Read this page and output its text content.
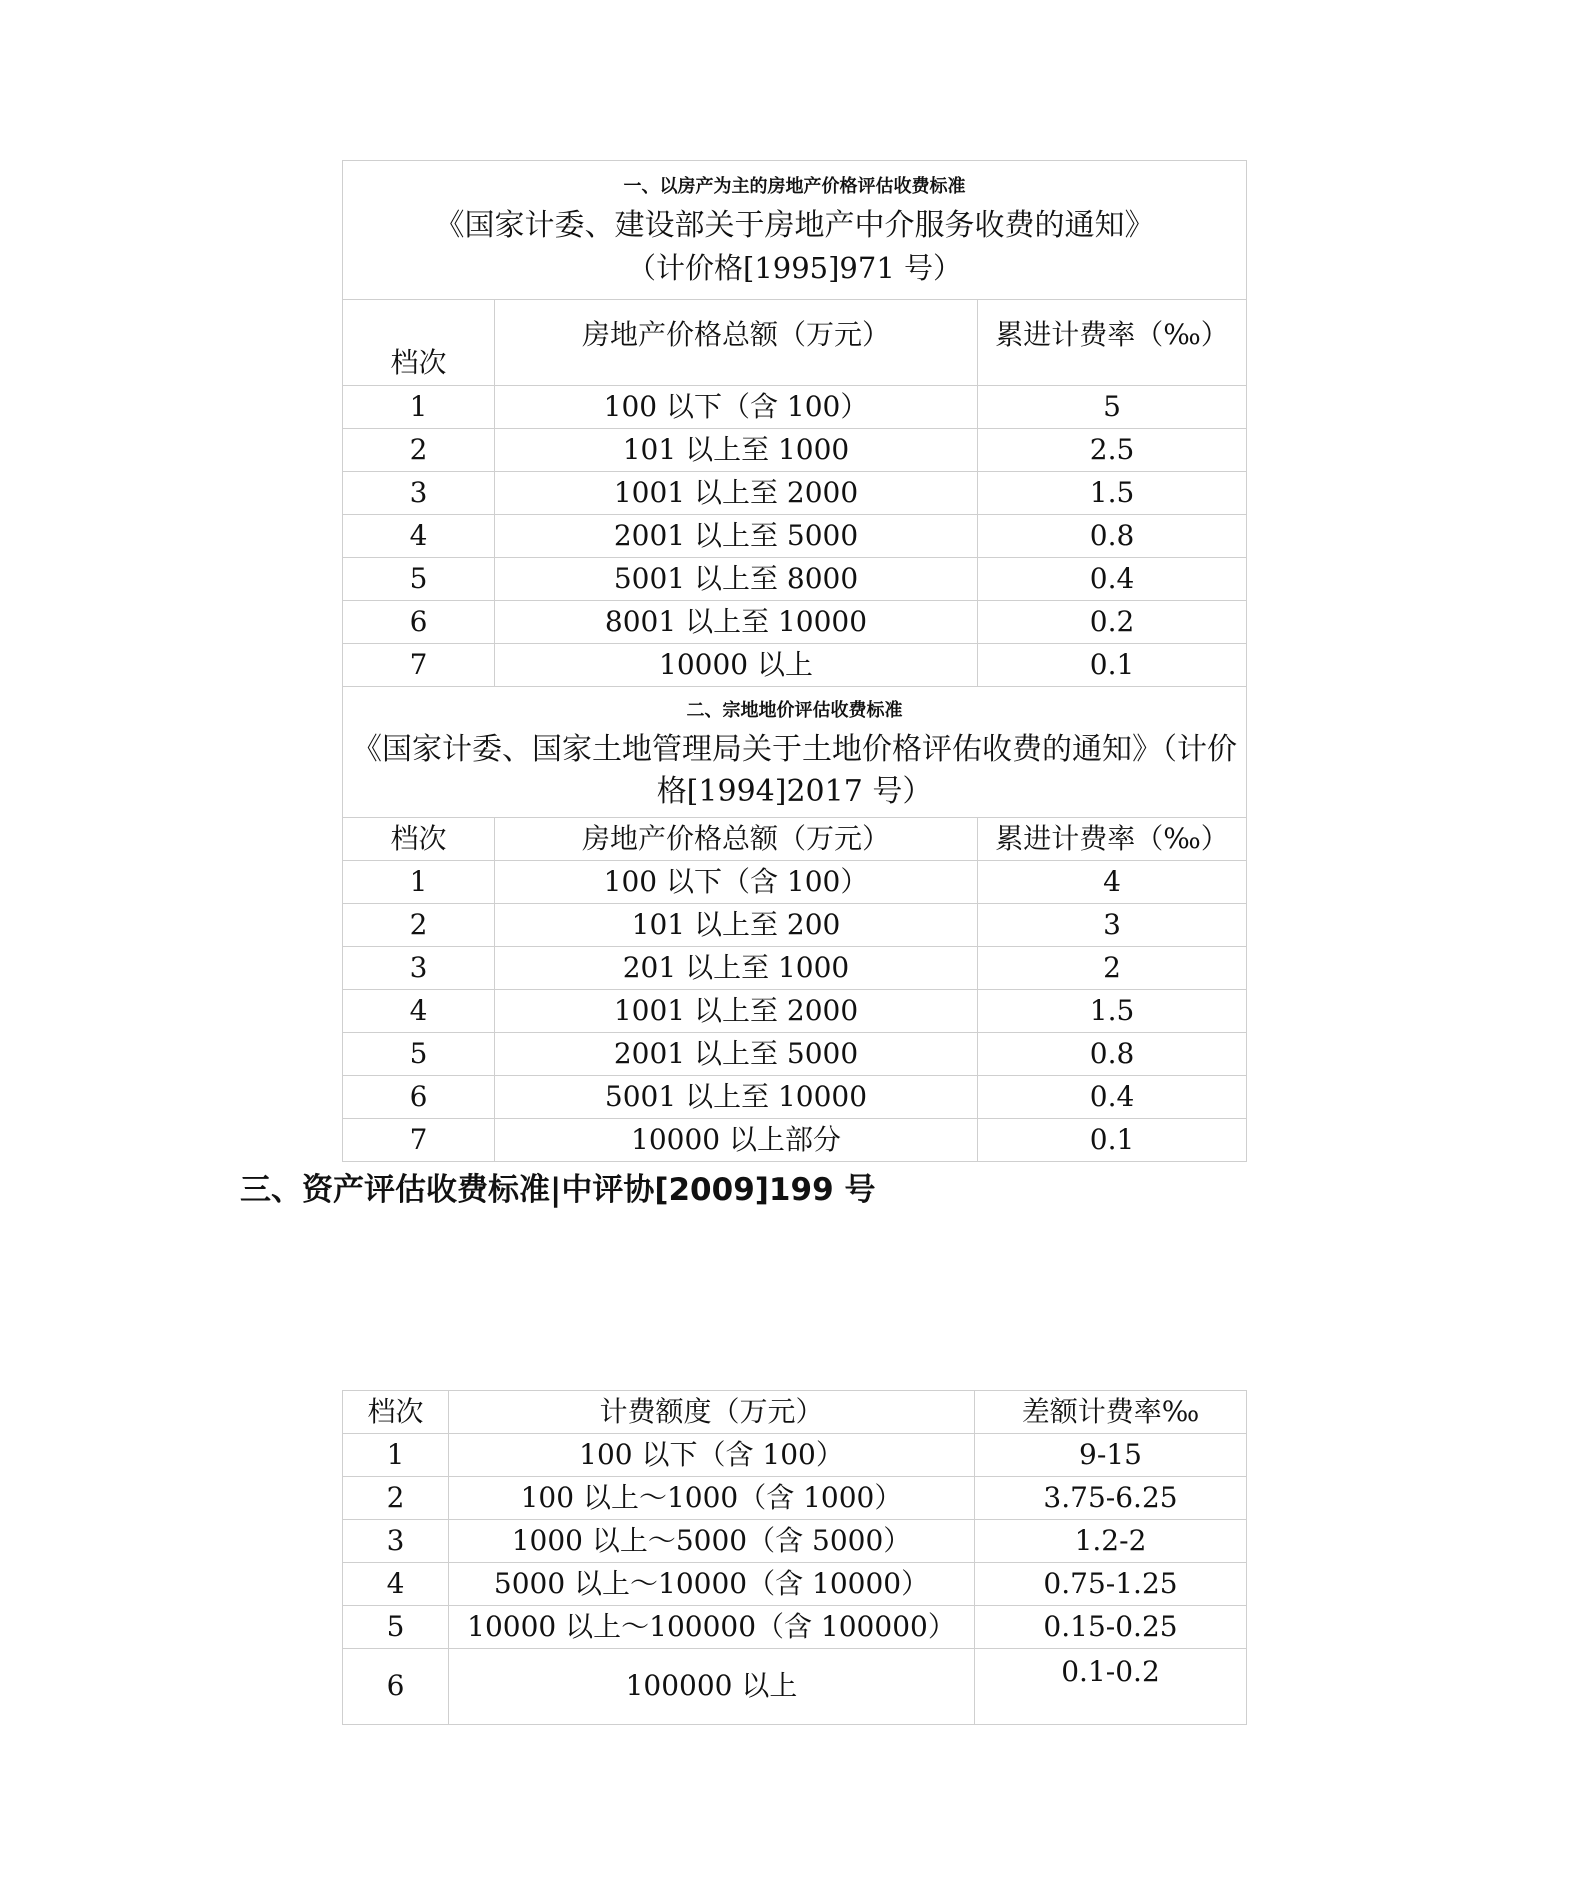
一、以房产为主的房地产价格评估收费标准
《国家计委、建设部关于房地产中介服务收费的通知》
（计价格[1995]971 号）		

档次	房地产价格总额（万元）	累进计费率（‰）
1	100 以下（含 100）	5
2	101 以上至 1000	2.5
3	1001 以上至 2000	1.5
4	2001 以上至 5000	0.8
5	5001 以上至 8000	0.4
6	8001 以上至 10000	0.2
7	10000 以上	0.1

二、宗地地价评估收费标准
《国家计委、国家土地管理局关于土地价格评佑收费的通知》（计价格[1994]2017 号）		

档次	房地产价格总额（万元）	累进计费率（‰）
1	100 以下（含 100）	4
2	101 以上至 200	3
3	201 以上至 1000	2
4	1001 以上至 2000	1.5
5	2001 以上至 5000	0.8
6	5001 以上至 10000	0.4
7	10000 以上部分	0.1
三、资产评估收费标准|中评协[2009]199 号
档次	计费额度（万元）	差额计费率‰
1	100 以下（含 100）	9-15
2	100 以上～1000（含 1000）	3.75-6.25
3	1000 以上～5000（含 5000）	1.2-2
4	5000 以上～10000（含 10000）	0.75-1.25
5	10000 以上～100000（含 100000）	0.15-0.25
6	100000 以上	0.1-0.2
